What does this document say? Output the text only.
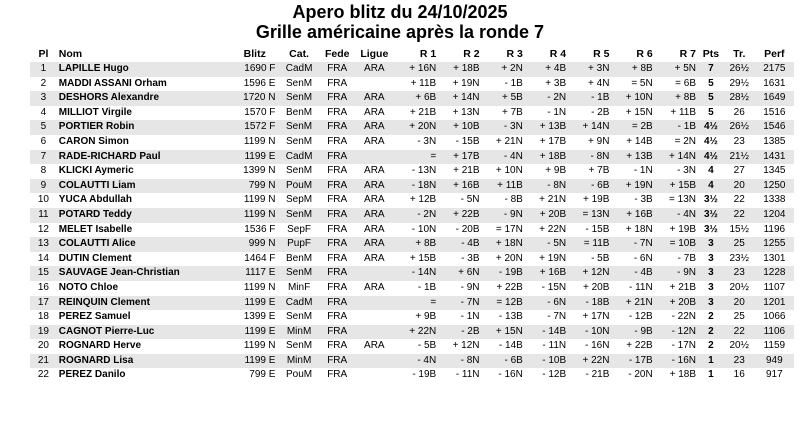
Apero blitz du 24/10/2025
Grille américaine après la ronde 7
Pl	Nom	Blitz	Cat.	Fede	Ligue	R 1	R 2	R 3	R 4	R 5	R 6	R 7	Pts	Tr.	Perf
1	LAPILLE Hugo	1690 F	CadM	FRA	ARA	+ 16N	+ 18B	+ 2N	+ 4B	+ 3N	+ 8B	+ 5N	7	26½	2175
2	MADDI ASSANI Orham	1596 E	SenM	FRA		+ 11B	+ 19N	- 1B	+ 3B	+ 4N	= 5N	= 6B	5	29½	1631
3	DESHORS Alexandre	1720 N	SenM	FRA	ARA	+ 6B	+ 14N	+ 5B	- 2N	- 1B	+ 10N	+ 8B	5	28½	1649
4	MILLIOT Virgile	1570 F	BenM	FRA	ARA	+ 21B	+ 13N	+ 7B	- 1N	- 2B	+ 15N	+ 11B	5	26	1516
5	PORTIER Robin	1572 F	SenM	FRA	ARA	+ 20N	+ 10B	- 3N	+ 13B	+ 14N	= 2B	- 1B	4½	26½	1546
6	CARON Simon	1199 N	SenM	FRA	ARA	- 3N	- 15B	+ 21N	+ 17B	+ 9N	+ 14B	= 2N	4½	23	1385
7	RADE-RICHARD Paul	1199 E	CadM	FRA		=	+ 17B	- 4N	+ 18B	- 8N	+ 13B	+ 14N	4½	21½	1431
8	KLICKI Aymeric	1399 N	SenM	FRA	ARA	- 13N	+ 21B	+ 10N	+ 9B	+ 7B	- 1N	- 3N	4	27	1345
9	COLAUTTI Liam	799 N	PouM	FRA	ARA	- 18N	+ 16B	+ 11B	- 8N	- 6B	+ 19N	+ 15B	4	20	1250
10	YUCA Abdullah	1199 N	SepM	FRA	ARA	+ 12B	- 5N	- 8B	+ 21N	+ 19B	- 3B	= 13N	3½	22	1338
11	POTARD Teddy	1199 N	SenM	FRA	ARA	- 2N	+ 22B	- 9N	+ 20B	= 13N	+ 16B	- 4N	3½	22	1204
12	MELET Isabelle	1536 F	SepF	FRA	ARA	- 10N	- 20B	= 17N	+ 22N	- 15B	+ 18N	+ 19B	3½	15½	1196
13	COLAUTTI Alice	999 N	PupF	FRA	ARA	+ 8B	- 4B	+ 18N	- 5N	= 11B	- 7N	= 10B	3	25	1255
14	DUTIN Clement	1464 F	BenM	FRA	ARA	+ 15B	- 3B	+ 20N	+ 19N	- 5B	- 6N	- 7B	3	23½	1301
15	SAUVAGE Jean-Christian	1117 E	SenM	FRA		- 14N	+ 6N	- 19B	+ 16B	+ 12N	- 4B	- 9N	3	23	1228
16	NOTO Chloe	1199 N	MinF	FRA	ARA	- 1B	- 9N	+ 22B	- 15N	+ 20B	- 11N	+ 21B	3	20½	1107
17	REINQUIN Clement	1199 E	CadM	FRA		=	- 7N	= 12B	- 6N	- 18B	+ 21N	+ 20B	3	20	1201
18	PEREZ Samuel	1399 E	SenM	FRA		+ 9B	- 1N	- 13B	- 7N	+ 17N	- 12B	- 22N	2	25	1066
19	CAGNOT Pierre-Luc	1199 E	MinM	FRA		+ 22N	- 2B	+ 15N	- 14B	- 10N	- 9B	- 12N	2	22	1106
20	ROGNARD Herve	1199 N	SenM	FRA	ARA	- 5B	+ 12N	- 14B	- 11N	- 16N	+ 22B	- 17N	2	20½	1159
21	ROGNARD Lisa	1199 E	MinM	FRA		- 4N	- 8N	- 6B	- 10B	+ 22N	- 17B	- 16N	1	23	949
22	PEREZ Danilo	799 E	PouM	FRA		- 19B	- 11N	- 16N	- 12B	- 21B	- 20N	+ 18B	1	16	917
